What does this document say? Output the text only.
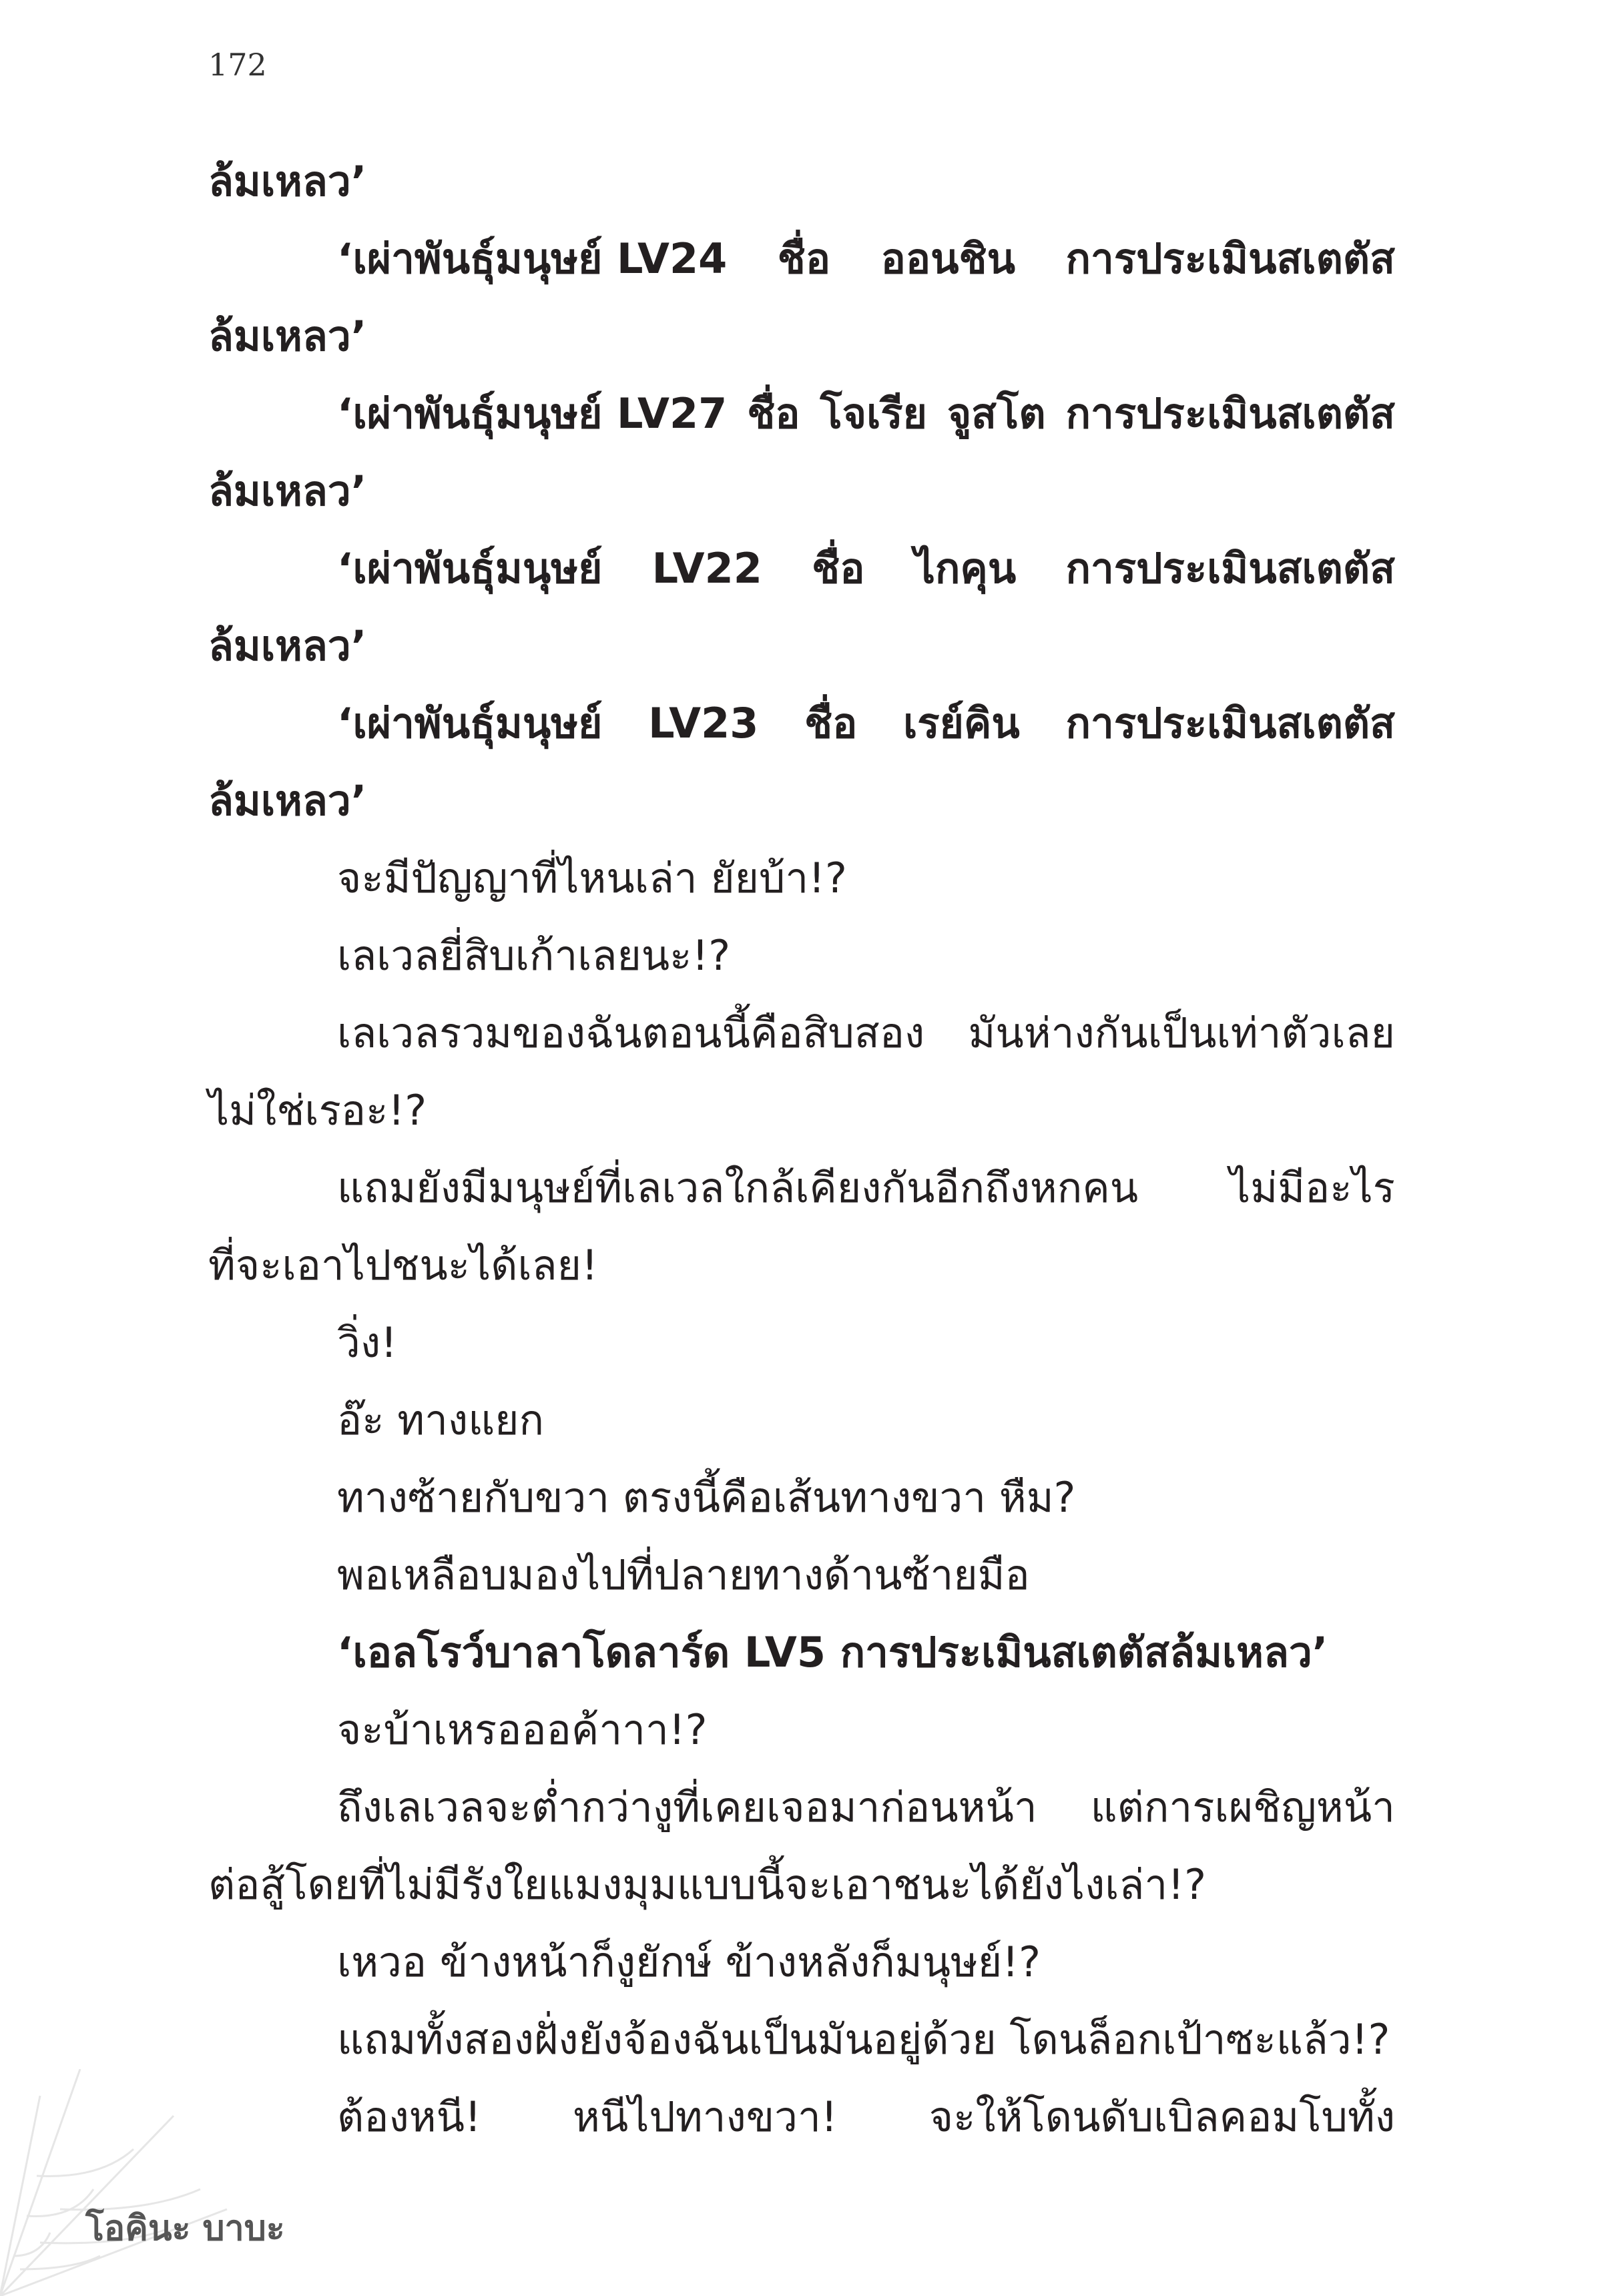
172
ล้มเหลว’
‘เผ่าพันธุ์มนุษย์ LV24 ชื่อ ออนชิน การประเมินสเตตัส
ล้มเหลว’
‘เผ่าพันธุ์มนุษย์ LV27 ชื่อ โจเรีย จูสโต การประเมินสเตตัส
ล้มเหลว’
‘เผ่าพันธุ์มนุษย์ LV22 ชื่อ ไกคุน การประเมินสเตตัส
ล้มเหลว’
‘เผ่าพันธุ์มนุษย์ LV23 ชื่อ เรย์คิน การประเมินสเตตัส
ล้มเหลว’
จะมีปัญญาที่ไหนเล่า ยัยบ้า!?
เลเวลยี่สิบเก้าเลยนะ!?
เลเวลรวมของฉันตอนนี้คือสิบสอง มันห่างกันเป็นเท่าตัวเลย
ไม่ใช่เรอะ!?
แถมยังมีมนุษย์ที่เลเวลใกล้เคียงกันอีกถึงหกคน ไม่มีอะไร
ที่จะเอาไปชนะได้เลย!
วิ่ง!
อ๊ะ ทางแยก
ทางซ้ายกับขวา ตรงนี้คือเส้นทางขวา หืม?
พอเหลือบมองไปที่ปลายทางด้านซ้ายมือ
‘เอลโรว์บาลาโดลาร์ด LV5 การประเมินสเตตัสล้มเหลว’
จะบ้าเหรอออค้าาา!?
ถึงเลเวลจะต่ำกว่างูที่เคยเจอมาก่อนหน้า แต่การเผชิญหน้า
ต่อสู้โดยที่ไม่มีรังใยแมงมุมแบบนี้จะเอาชนะได้ยังไงเล่า!?
เหวอ ข้างหน้าก็งูยักษ์ ข้างหลังก็มนุษย์!?
แถมทั้งสองฝั่งยังจ้องฉันเป็นมันอยู่ด้วย โดนล็อกเป้าซะแล้ว!?
ต้องหนี! หนีไปทางขวา! จะให้โดนดับเบิลคอมโบทั้ง
โอคินะ บาบะ
